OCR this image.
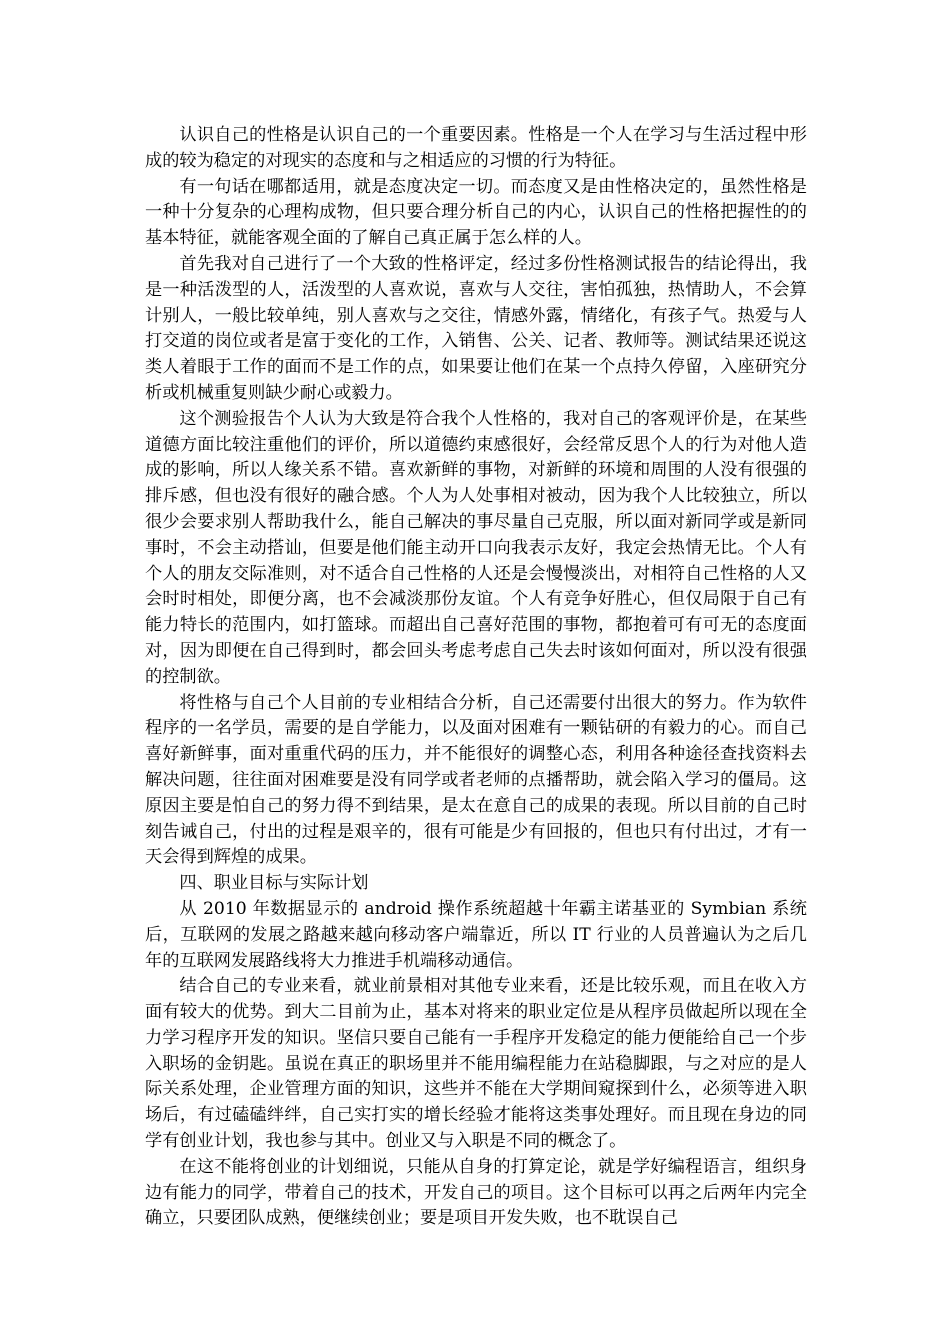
认识自己的性格是认识自己的一个重要因素。性格是一个人在学习与生活过程中形成的较为稳定的对现实的态度和与之相适应的习惯的行为特征。

有一句话在哪都适用，就是态度决定一切。而态度又是由性格决定的，虽然性格是一种十分复杂的心理构成物，但只要合理分析自己的内心，认识自己的性格把握性的的基本特征，就能客观全面的了解自己真正属于怎么样的人。

首先我对自己进行了一个大致的性格评定，经过多份性格测试报告的结论得出，我是一种活泼型的人，活泼型的人喜欢说，喜欢与人交往，害怕孤独，热情助人，不会算计别人，一般比较单纯，别人喜欢与之交往，情感外露，情绪化，有孩子气。热爱与人打交道的岗位或者是富于变化的工作，入销售、公关、记者、教师等。测试结果还说这类人着眼于工作的面而不是工作的点，如果要让他们在某一个点持久停留，入座研究分析或机械重复则缺少耐心或毅力。

这个测验报告个人认为大致是符合我个人性格的，我对自己的客观评价是，在某些道德方面比较注重他们的评价，所以道德约束感很好，会经常反思个人的行为对他人造成的影响，所以人缘关系不错。喜欢新鲜的事物，对新鲜的环境和周围的人没有很强的排斥感，但也没有很好的融合感。个人为人处事相对被动，因为我个人比较独立，所以很少会要求别人帮助我什么，能自己解决的事尽量自己克服，所以面对新同学或是新同事时，不会主动搭讪，但要是他们能主动开口向我表示友好，我定会热情无比。个人有个人的朋友交际准则，对不适合自己性格的人还是会慢慢淡出，对相符自己性格的人又会时时相处，即便分离，也不会减淡那份友谊。个人有竞争好胜心，但仅局限于自己有能力特长的范围内，如打篮球。而超出自己喜好范围的事物，都抱着可有可无的态度面对，因为即便在自己得到时，都会回头考虑考虑自己失去时该如何面对，所以没有很强的控制欲。

将性格与自己个人目前的专业相结合分析，自己还需要付出很大的努力。作为软件程序的一名学员，需要的是自学能力，以及面对困难有一颗钻研的有毅力的心。而自己喜好新鲜事，面对重重代码的压力，并不能很好的调整心态，利用各种途径查找资料去解决问题，往往面对困难要是没有同学或者老师的点播帮助，就会陷入学习的僵局。这原因主要是怕自己的努力得不到结果，是太在意自己的成果的表现。所以目前的自己时刻告诫自己，付出的过程是艰辛的，很有可能是少有回报的，但也只有付出过，才有一天会得到辉煌的成果。

四、职业目标与实际计划

从 2010 年数据显示的 android 操作系统超越十年霸主诺基亚的 Symbian 系统后，互联网的发展之路越来越向移动客户端靠近，所以 IT 行业的人员普遍认为之后几年的互联网发展路线将大力推进手机端移动通信。

结合自己的专业来看，就业前景相对其他专业来看，还是比较乐观，而且在收入方面有较大的优势。到大二目前为止，基本对将来的职业定位是从程序员做起所以现在全力学习程序开发的知识。坚信只要自己能有一手程序开发稳定的能力便能给自己一个步入职场的金钥匙。虽说在真正的职场里并不能用编程能力在站稳脚跟，与之对应的是人际关系处理，企业管理方面的知识，这些并不能在大学期间窥探到什么，必须等进入职场后，有过磕磕绊绊，自己实打实的增长经验才能将这类事处理好。而且现在身边的同学有创业计划，我也参与其中。创业又与入职是不同的概念了。

在这不能将创业的计划细说，只能从自身的打算定论，就是学好编程语言，组织身边有能力的同学，带着自己的技术，开发自己的项目。这个目标可以再之后两年内完全确立，只要团队成熟，便继续创业；要是项目开发失败，也不耽误自己
